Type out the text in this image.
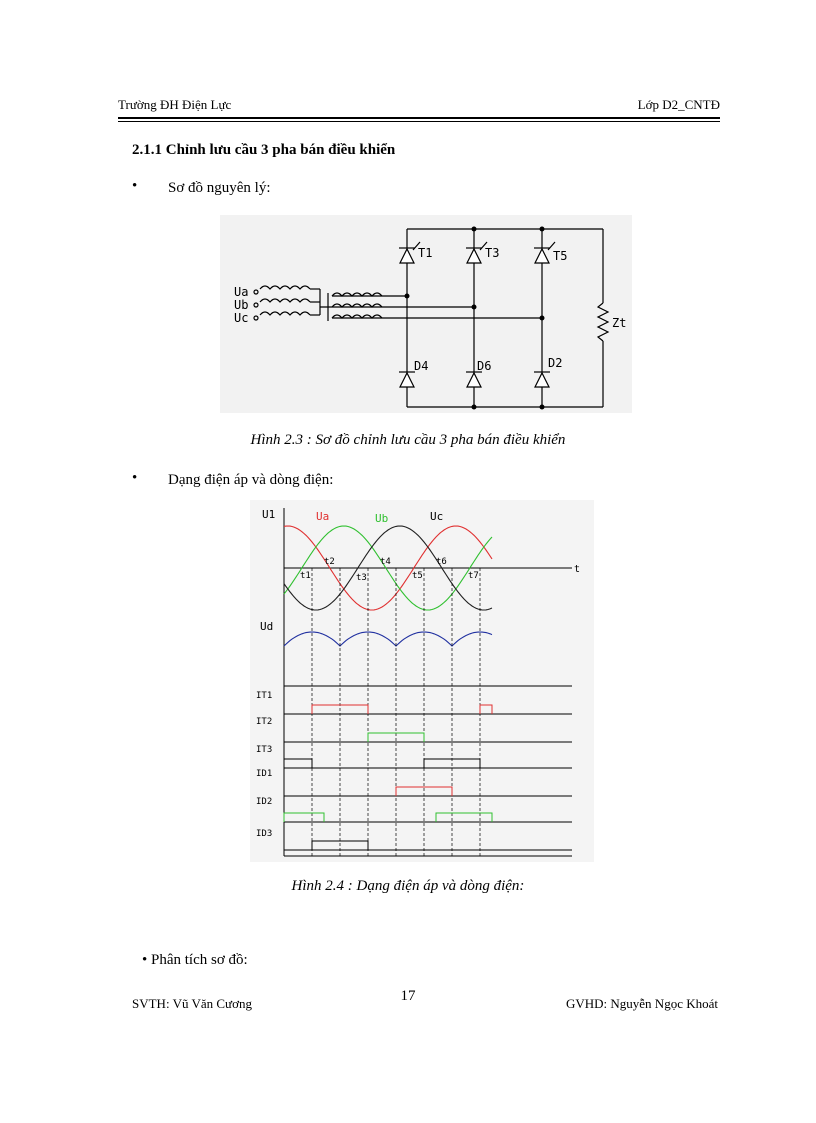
Trường ĐH Điện Lực	Lớp D2_CNTĐ
2.1.1 Chỉnh lưu cầu 3 pha bán điều khiển
• Sơ đồ nguyên lý:
Ua
Ub
Uc
T1	T3	T5
D4	D6	D2
Zt
Hình 2.3 : Sơ đồ chỉnh lưu cầu 3 pha bán điều khiển
• Dạng điện áp và dòng điện:
U1	Ua	Ub	Uc
Ud
t
t1
t2
t3
t4
t5
t6
t7
IT1
IT2
IT3
ID1
ID2
ID3
Hình 2.4 : Dạng điện áp và dòng điện:
• Phân tích sơ đồ:
SVTH: Vũ Văn Cương	17	GVHD: Nguyễn Ngọc Khoát
